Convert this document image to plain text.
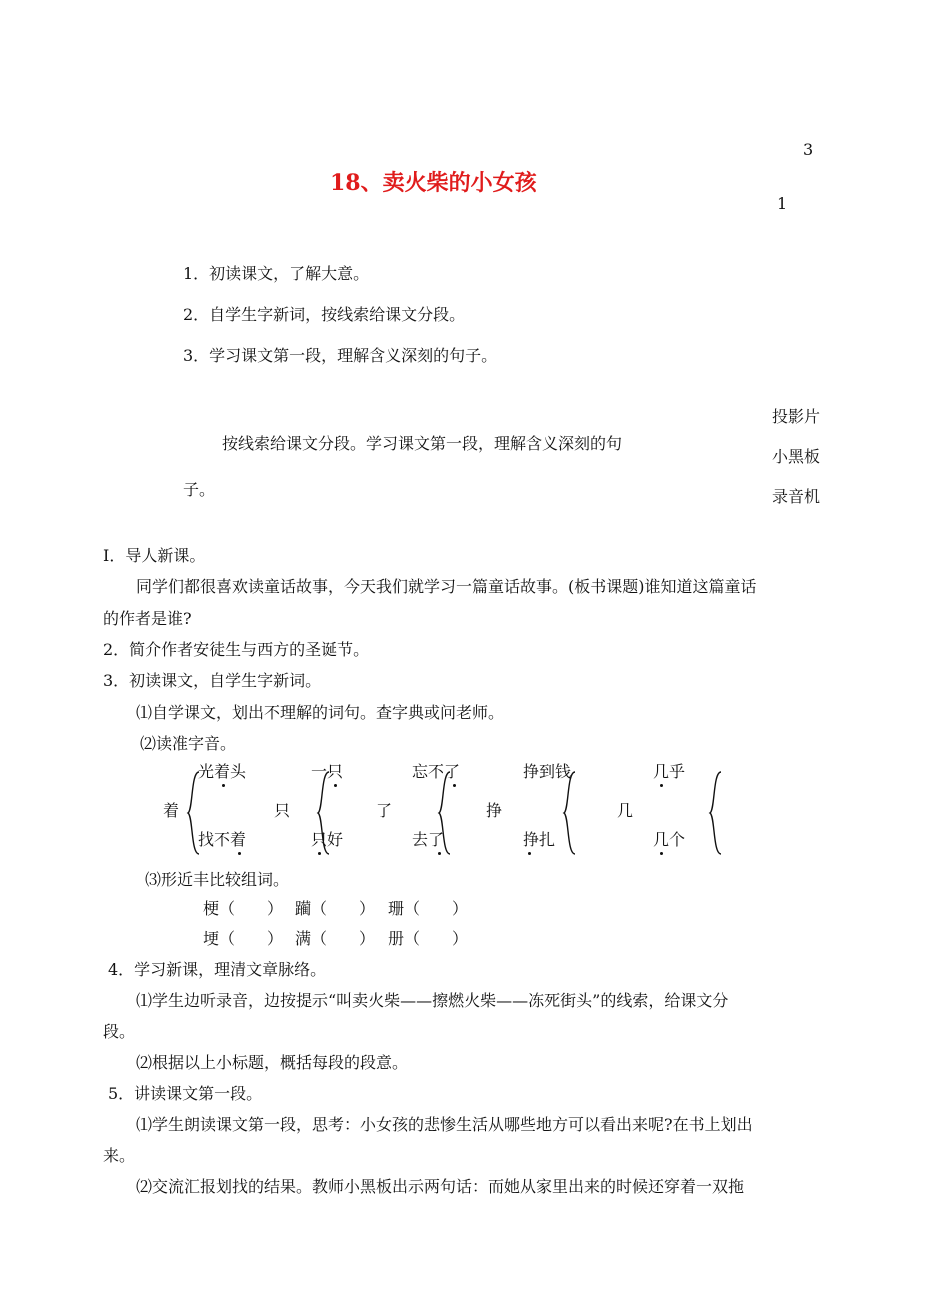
3
18、卖火柴的小女孩
1
1．初读课文，了解大意。
2．自学生字新词，按线索给课文分段。
3．学习课文第一段，理解含义深刻的句子。
按线索给课文分段。学习课文第一段，理解含义深刻的句
子。
投影片
小黑板
录音机
I．导人新课。
同学们都很喜欢读童话故事，今天我们就学习一篇童话故事。(板书课题)谁知道这篇童话
的作者是谁?
2．简介作者安徒生与西方的圣诞节。
3．初读课文，自学生字新词。
⑴自学课文，划出不理解的词句。查字典或问老师。
⑵读准字音。
着
光着头
找不着
只
一只
只好
了
忘不了
去了
挣
挣到钱
挣扎
几
几乎
几个
⑶形近丰比较组词。
梗（　　） 躏（　　） 珊（　　）
埂（　　） 满（　　） 册（　　）
4．学习新课，理清文章脉络。
⑴学生边听录音，边按提示“叫卖火柴——擦燃火柴——冻死街头”的线索，给课文分
段。
⑵根据以上小标题，概括每段的段意。
5．讲读课文第一段。
⑴学生朗读课文第一段，思考：小女孩的悲惨生活从哪些地方可以看出来呢?在书上划出
来。
⑵交流汇报划找的结果。教师小黑板出示两句话：而她从家里出来的时候还穿着一双拖
